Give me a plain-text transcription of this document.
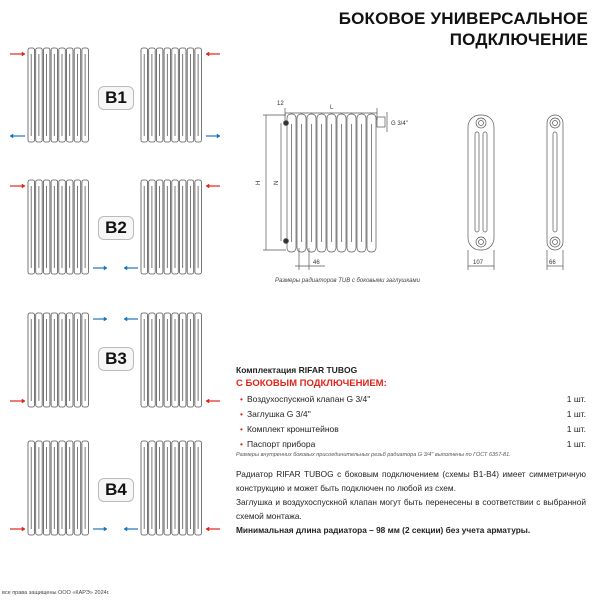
БОКОВОЕ УНИВЕРСАЛЬНОЕ
ПОДКЛЮЧЕНИЕ
B1
B2
B3
B4
12
L
G 3/4''
H N
46	107	66
Размеры радиаторов TUB с боковыми заглушками
Комплектация RIFAR TUBOG
С БОКОВЫМ ПОДКЛЮЧЕНИЕМ:
• Воздухоспускной клапан G 3/4''	1 шт.
• Заглушка G 3/4''	1 шт.
• Комплект кронштейнов	1 шт.
• Паспорт прибора	1 шт.
Размеры внутренних боковых присоединительных резьб радиатора G 3/4'' выполнены по ГОСТ 6357-81.
Радиатор RIFAR TUBOG с боковым подключением (схемы В1-В4) имеет симметричную конструкцию и может быть подключен по любой из схем.
Заглушка и воздухоспускной клапан могут быть перенесены в соответствии с выбранной схемой монтажа.
Минимальная длина радиатора – 98 мм (2 секции) без учета арматуры.
все права защищены ООО «КАРЭ» 2024г.
